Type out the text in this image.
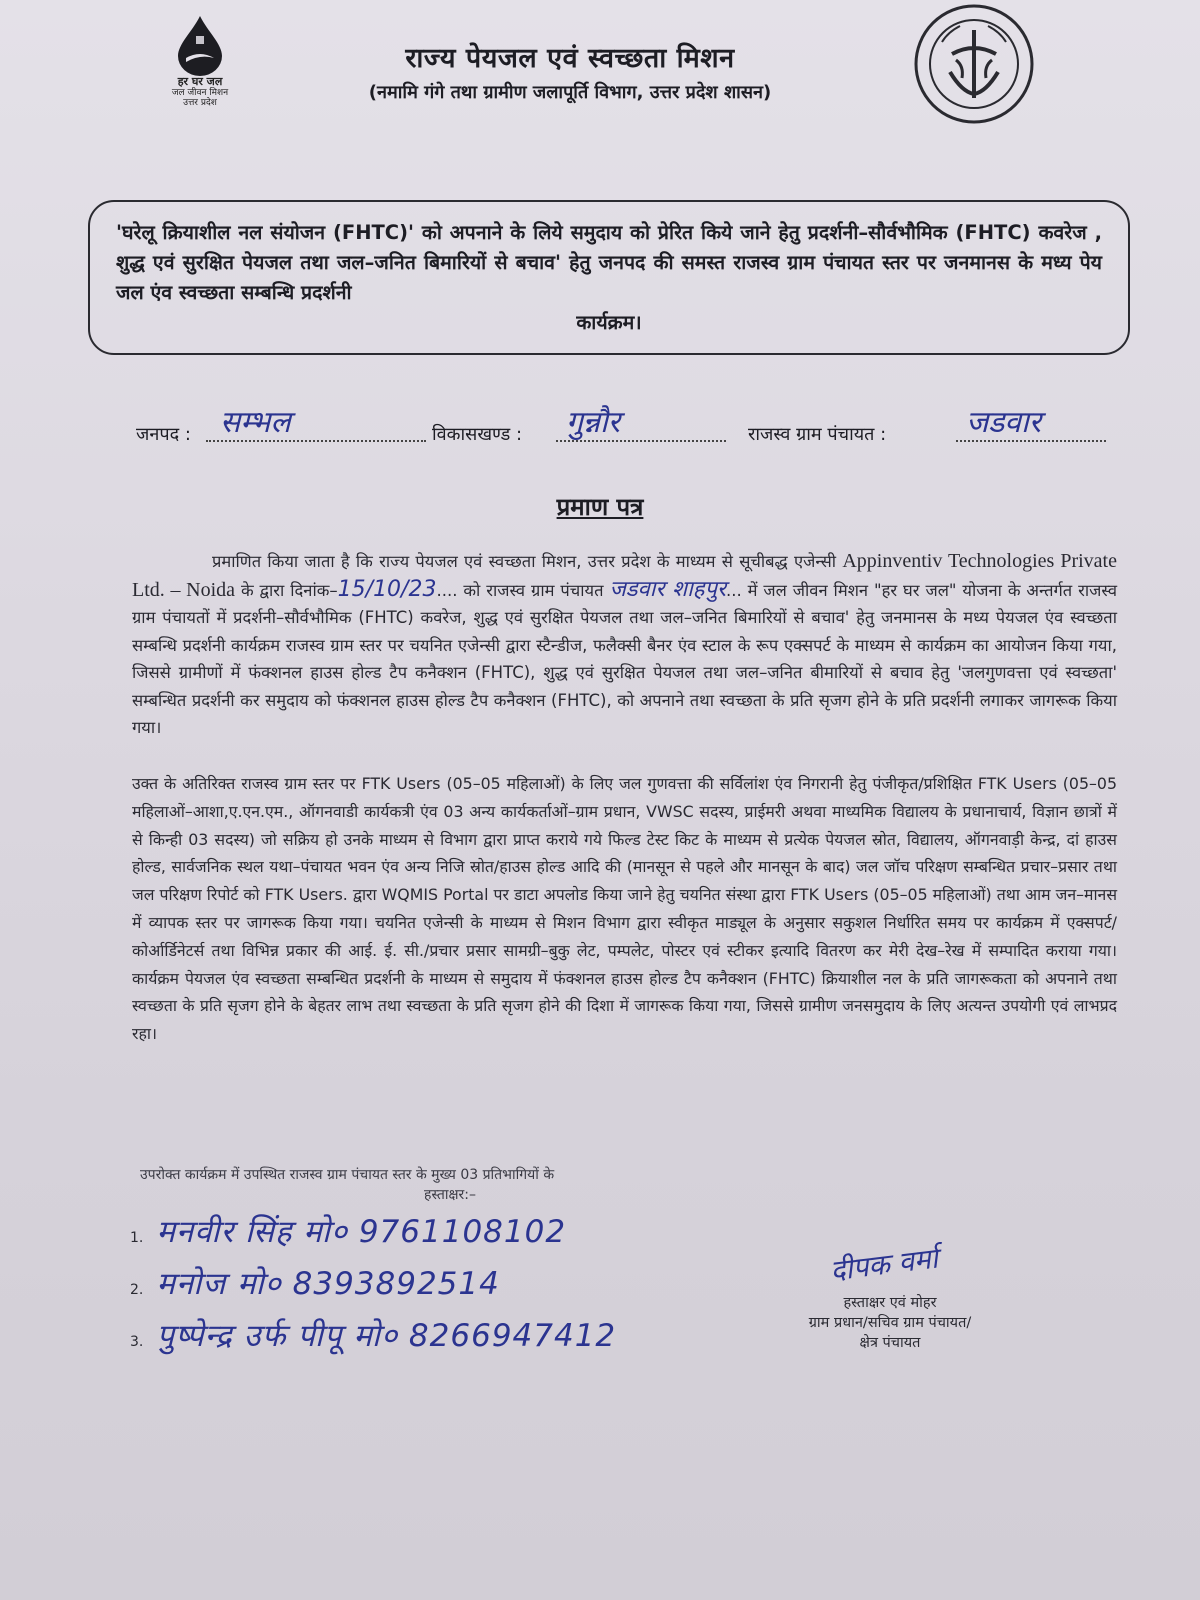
हर घर जल
जल जीवन मिशन
उत्तर प्रदेश
राज्य पेयजल एवं स्वच्छता मिशन
(नमामि गंगे तथा ग्रामीण जलापूर्ति विभाग, उत्तर प्रदेश शासन)
'घरेलू क्रियाशील नल संयोजन (FHTC)' को अपनाने के लिये समुदाय को प्रेरित किये जाने हेतु प्रदर्शनी–सौर्वभौमिक (FHTC) कवरेज , शुद्ध एवं सुरक्षित पेयजल तथा जल–जनित बिमारियों से बचाव' हेतु जनपद की समस्त राजस्व ग्राम पंचायत स्तर पर जनमानस के मध्य पेय जल एंव स्वच्छता सम्बन्धि प्रदर्शनी
कार्यक्रम।
जनपद : सम्भल	विकासखण्ड : गुन्नौर	राजस्व ग्राम पंचायत :	जडवार
प्रमाण पत्र
प्रमाणित किया जाता है कि राज्य पेयजल एवं स्वच्छता मिशन, उत्तर प्रदेश के माध्यम से सूचीबद्ध एजेन्सी Appinventiv Technologies Private Ltd. – Noida के द्वारा दिनांक–15/10/23.... को राजस्व ग्राम पंचायत जडवार शाहपुर... में जल जीवन मिशन "हर घर जल" योजना के अन्तर्गत राजस्व ग्राम पंचायतों में प्रदर्शनी–सौर्वभौमिक (FHTC) कवरेज, शुद्ध एवं सुरक्षित पेयजल तथा जल–जनित बिमारियों से बचाव' हेतु जनमानस के मध्य पेयजल एंव स्वच्छता सम्बन्धि प्रदर्शनी कार्यक्रम राजस्व ग्राम स्तर पर चयनित एजेन्सी द्वारा स्टैन्डीज, फलैक्सी बैनर एंव स्टाल के रूप एक्सपर्ट के माध्यम से कार्यक्रम का आयोजन किया गया, जिससे ग्रामीणों में फंक्शनल हाउस होल्ड टैप कनैक्शन (FHTC), शुद्ध एवं सुरक्षित पेयजल तथा जल–जनित बीमारियों से बचाव हेतु 'जलगुणवत्ता एवं स्वच्छता' सम्बन्धित प्रदर्शनी कर समुदाय को फंक्शनल हाउस होल्ड टैप कनैक्शन (FHTC), को अपनाने तथा स्वच्छता के प्रति सृजग होने के प्रति प्रदर्शनी लगाकर जागरूक किया गया।
उक्त के अतिरिक्त राजस्व ग्राम स्तर पर FTK Users (05–05 महिलाओं) के लिए जल गुणवत्ता की सर्विलांश एंव निगरानी हेतु पंजीकृत/प्रशिक्षित FTK Users (05–05 महिलाओं–आशा,ए.एन.एम., ऑगनवाडी कार्यकत्री एंव 03 अन्य कार्यकर्ताओं–ग्राम प्रधान, VWSC सदस्य, प्राईमरी अथवा माध्यमिक विद्यालय के प्रधानाचार्य, विज्ञान छात्रों में से किन्ही 03 सदस्य) जो सक्रिय हो उनके माध्यम से विभाग द्वारा प्राप्त कराये गये फिल्ड टेस्ट किट के माध्यम से प्रत्येक पेयजल स्रोत, विद्यालय, ऑगनवाड़ी केन्द्र, दां हाउस होल्ड, सार्वजनिक स्थल यथा–पंचायत भवन एंव अन्य निजि स्रोत/हाउस होल्ड आदि की (मानसून से पहले और मानसून के बाद) जल जॉच परिक्षण सम्बन्धित प्रचार–प्रसार तथा जल परिक्षण रिपोर्ट को FTK Users. द्वारा WQMIS Portal पर डाटा अपलोड किया जाने हेतु चयनित संस्था द्वारा FTK Users (05–05 महिलाओं) तथा आम जन–मानस में व्यापक स्तर पर जागरूक किया गया। चयनित एजेन्सी के माध्यम से मिशन विभाग द्वारा स्वीकृत माड्यूल के अनुसार सकुशल निर्धारित समय पर कार्यक्रम में एक्सपर्ट/कोर्आर्डिनेटर्स तथा विभिन्न प्रकार की आई. ई. सी./प्रचार प्रसार सामग्री–बुकु लेट, पम्पलेट, पोस्टर एवं स्टीकर इत्यादि वितरण कर मेरी देख–रेख में सम्पादित कराया गया। कार्यक्रम पेयजल एंव स्वच्छता सम्बन्धित प्रदर्शनी के माध्यम से समुदाय में फंक्शनल हाउस होल्ड टैप कनैक्शन (FHTC) क्रियाशील नल के प्रति जागरूकता को अपनाने तथा स्वच्छता के प्रति सृजग होने के बेहतर लाभ तथा स्वच्छता के प्रति सृजग होने की दिशा में जागरूक किया गया, जिससे ग्रामीण जनसमुदाय के लिए अत्यन्त उपयोगी एवं लाभप्रद रहा।
उपरोक्त कार्यक्रम में उपस्थित राजस्व ग्राम पंचायत स्तर के मुख्य 03 प्रतिभागियों के
हस्ताक्षर:–
1. मनवीर सिंह मो० 9761108102
2. मनोज मो० 8393892514
3. पुष्पेन्द्र उर्फ पीपू मो० 8266947412
दीपक वर्मा
हस्ताक्षर एवं मोहर
ग्राम प्रधान/सचिव ग्राम पंचायत/
क्षेत्र पंचायत
